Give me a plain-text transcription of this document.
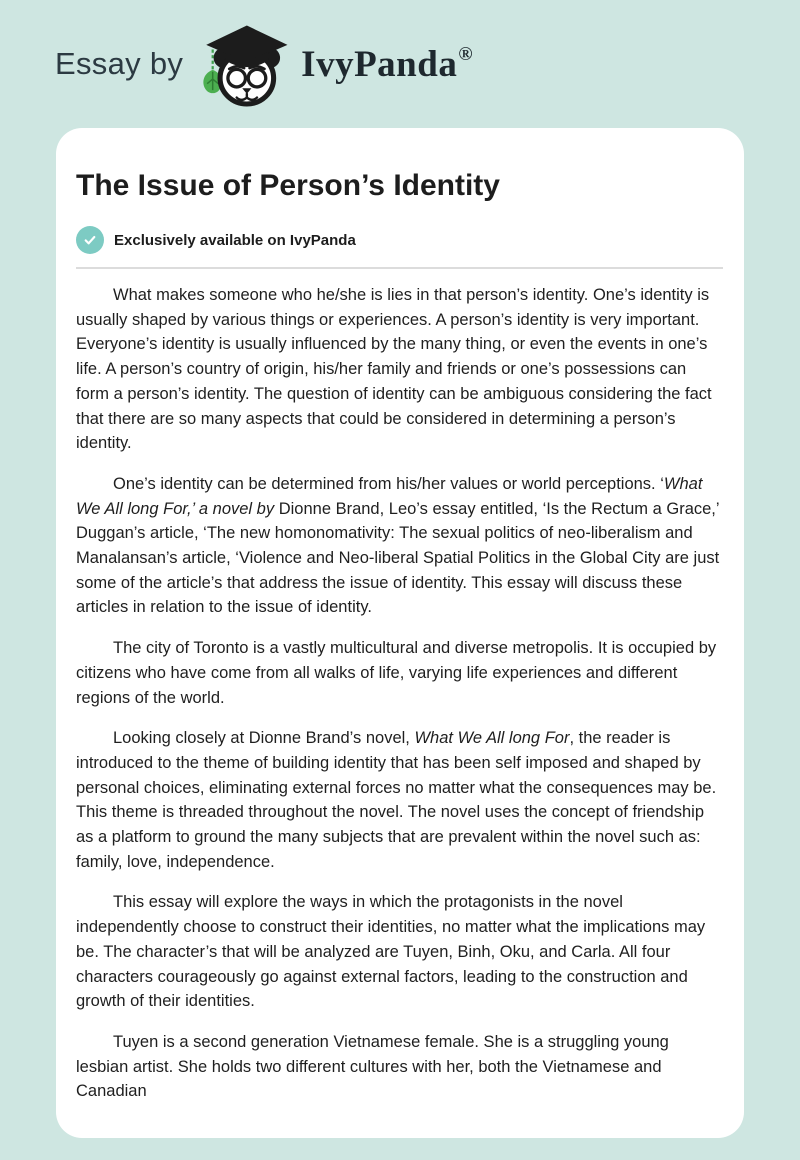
Essay by	IvyPanda®
The Issue of Person’s Identity
Exclusively available on IvyPanda

What makes someone who he/she is lies in that person’s identity. One’s identity is usually shaped by various things or experiences. A person’s identity is very important. Everyone’s identity is usually influenced by the many thing, or even the events in one’s life. A person’s country of origin, his/her family and friends or one’s possessions can form a person’s identity. The question of identity can be ambiguous considering the fact that there are so many aspects that could be considered in determining a person’s identity.

One’s identity can be determined from his/her values or world perceptions. ‘What We All long For,’ a novel by Dionne Brand, Leo’s essay entitled, ‘Is the Rectum a Grace,’ Duggan’s article, ‘The new homonomativity: The sexual politics of neo-liberalism and Manalansan’s article, ‘Violence and Neo-liberal Spatial Politics in the Global City are just some of the article’s that address the issue of identity. This essay will discuss these articles in relation to the issue of identity.

The city of Toronto is a vastly multicultural and diverse metropolis. It is occupied by citizens who have come from all walks of life, varying life experiences and different regions of the world.

Looking closely at Dionne Brand’s novel, What We All long For, the reader is introduced to the theme of building identity that has been self imposed and shaped by personal choices, eliminating external forces no matter what the consequences may be. This theme is threaded throughout the novel. The novel uses the concept of friendship as a platform to ground the many subjects that are prevalent within the novel such as: family, love, independence.

This essay will explore the ways in which the protagonists in the novel independently choose to construct their identities, no matter what the implications may be. The character’s that will be analyzed are Tuyen, Binh, Oku, and Carla. All four characters courageously go against external factors, leading to the construction and growth of their identities.

Tuyen is a second generation Vietnamese female. She is a struggling young lesbian artist. She holds two different cultures with her, both the Vietnamese and Canadian
